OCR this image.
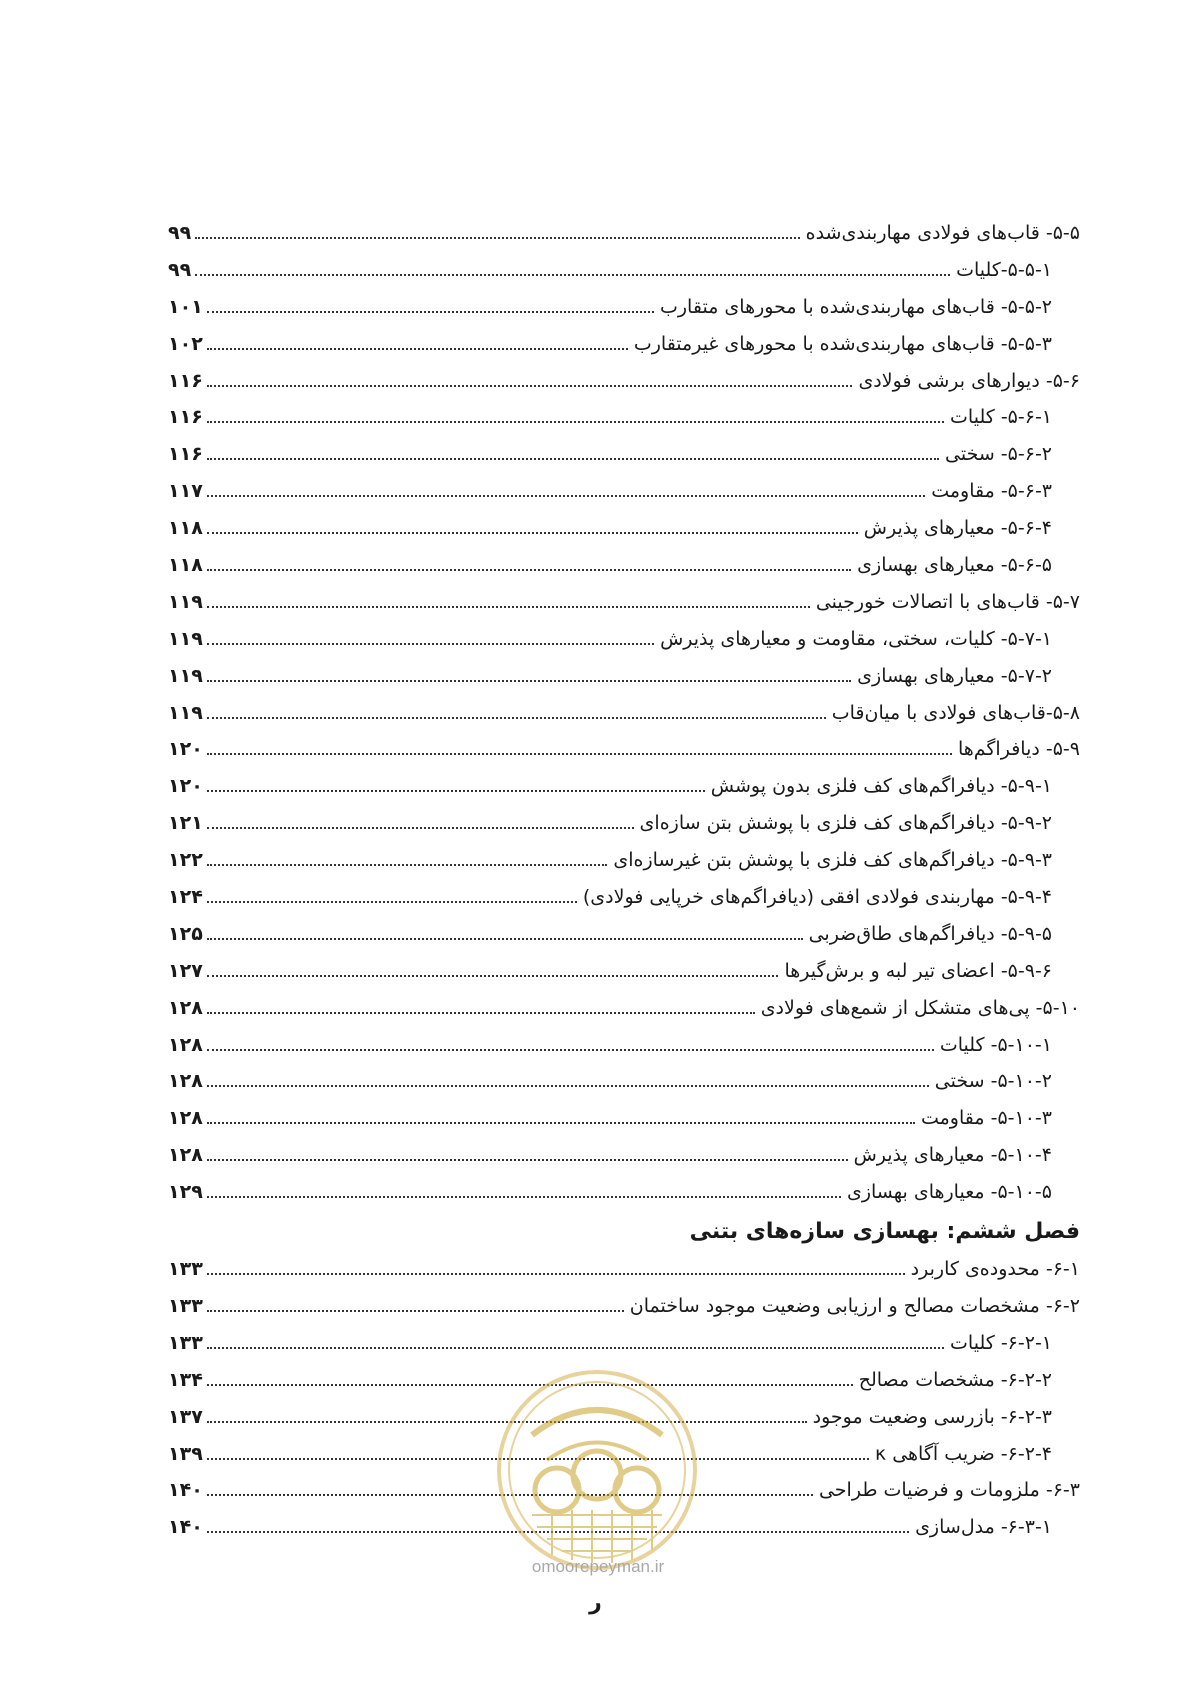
۵-۵- قاب‌های فولادی مهاربندی‌شده
۹۹
۵-۵-۱-کلیات
۹۹
۵-۵-۲- قاب‌های مهاربندی‌شده با محورهای متقارب
۱۰۱
۵-۵-۳- قاب‌های مهاربندی‌شده با محورهای غیرمتقارب
۱۰۲
۵-۶- دیوارهای برشی فولادی
۱۱۶
۵-۶-۱- کلیات
۱۱۶
۵-۶-۲- سختی
۱۱۶
۵-۶-۳- مقاومت
۱۱۷
۵-۶-۴- معیارهای پذیرش
۱۱۸
۵-۶-۵- معیارهای بهسازی
۱۱۸
۵-۷- قاب‌های با اتصالات خورجینی
۱۱۹
۵-۷-۱- کلیات، سختی، مقاومت و معیارهای پذیرش
۱۱۹
۵-۷-۲- معیارهای بهسازی
۱۱۹
۵-۸-قاب‌های فولادی با میان‌قاب
۱۱۹
۵-۹- دیافراگم‌ها
۱۲۰
۵-۹-۱- دیافراگم‌های کف فلزی بدون پوشش
۱۲۰
۵-۹-۲- دیافراگم‌های کف فلزی با پوشش بتن سازه‌ای
۱۲۱
۵-۹-۳- دیافراگم‌های کف فلزی با پوشش بتن غیرسازه‌ای
۱۲۲
۵-۹-۴- مهاربندی فولادی افقی (دیافراگم‌های خرپایی فولادی)
۱۲۴
۵-۹-۵- دیافراگم‌های طاق‌ضربی
۱۲۵
۵-۹-۶- اعضای تیر لبه و برش‌گیرها
۱۲۷
۵-۱۰- پی‌های متشکل از شمع‌های فولادی
۱۲۸
۵-۱۰-۱- کلیات
۱۲۸
۵-۱۰-۲- سختی
۱۲۸
۵-۱۰-۳- مقاومت
۱۲۸
۵-۱۰-۴- معیارهای پذیرش
۱۲۸
۵-۱۰-۵- معیارهای بهسازی
۱۲۹
فصل ششم: بهسازی سازه‌های بتنی
۶-۱- محدوده‌ی کاربرد
۱۳۳
۶-۲- مشخصات مصالح و ارزیابی وضعیت موجود ساختمان
۱۳۳
۶-۲-۱- کلیات
۱۳۳
۶-۲-۲- مشخصات مصالح
۱۳۴
۶-۲-۳- بازرسی وضعیت موجود
۱۳۷
۶-۲-۴- ضریب آگاهی κ
۱۳۹
۶-۳- ملزومات و فرضیات طراحی
۱۴۰
۶-۳-۱- مدل‌سازی
۱۴۰
omoorepeyman.ir
ر
